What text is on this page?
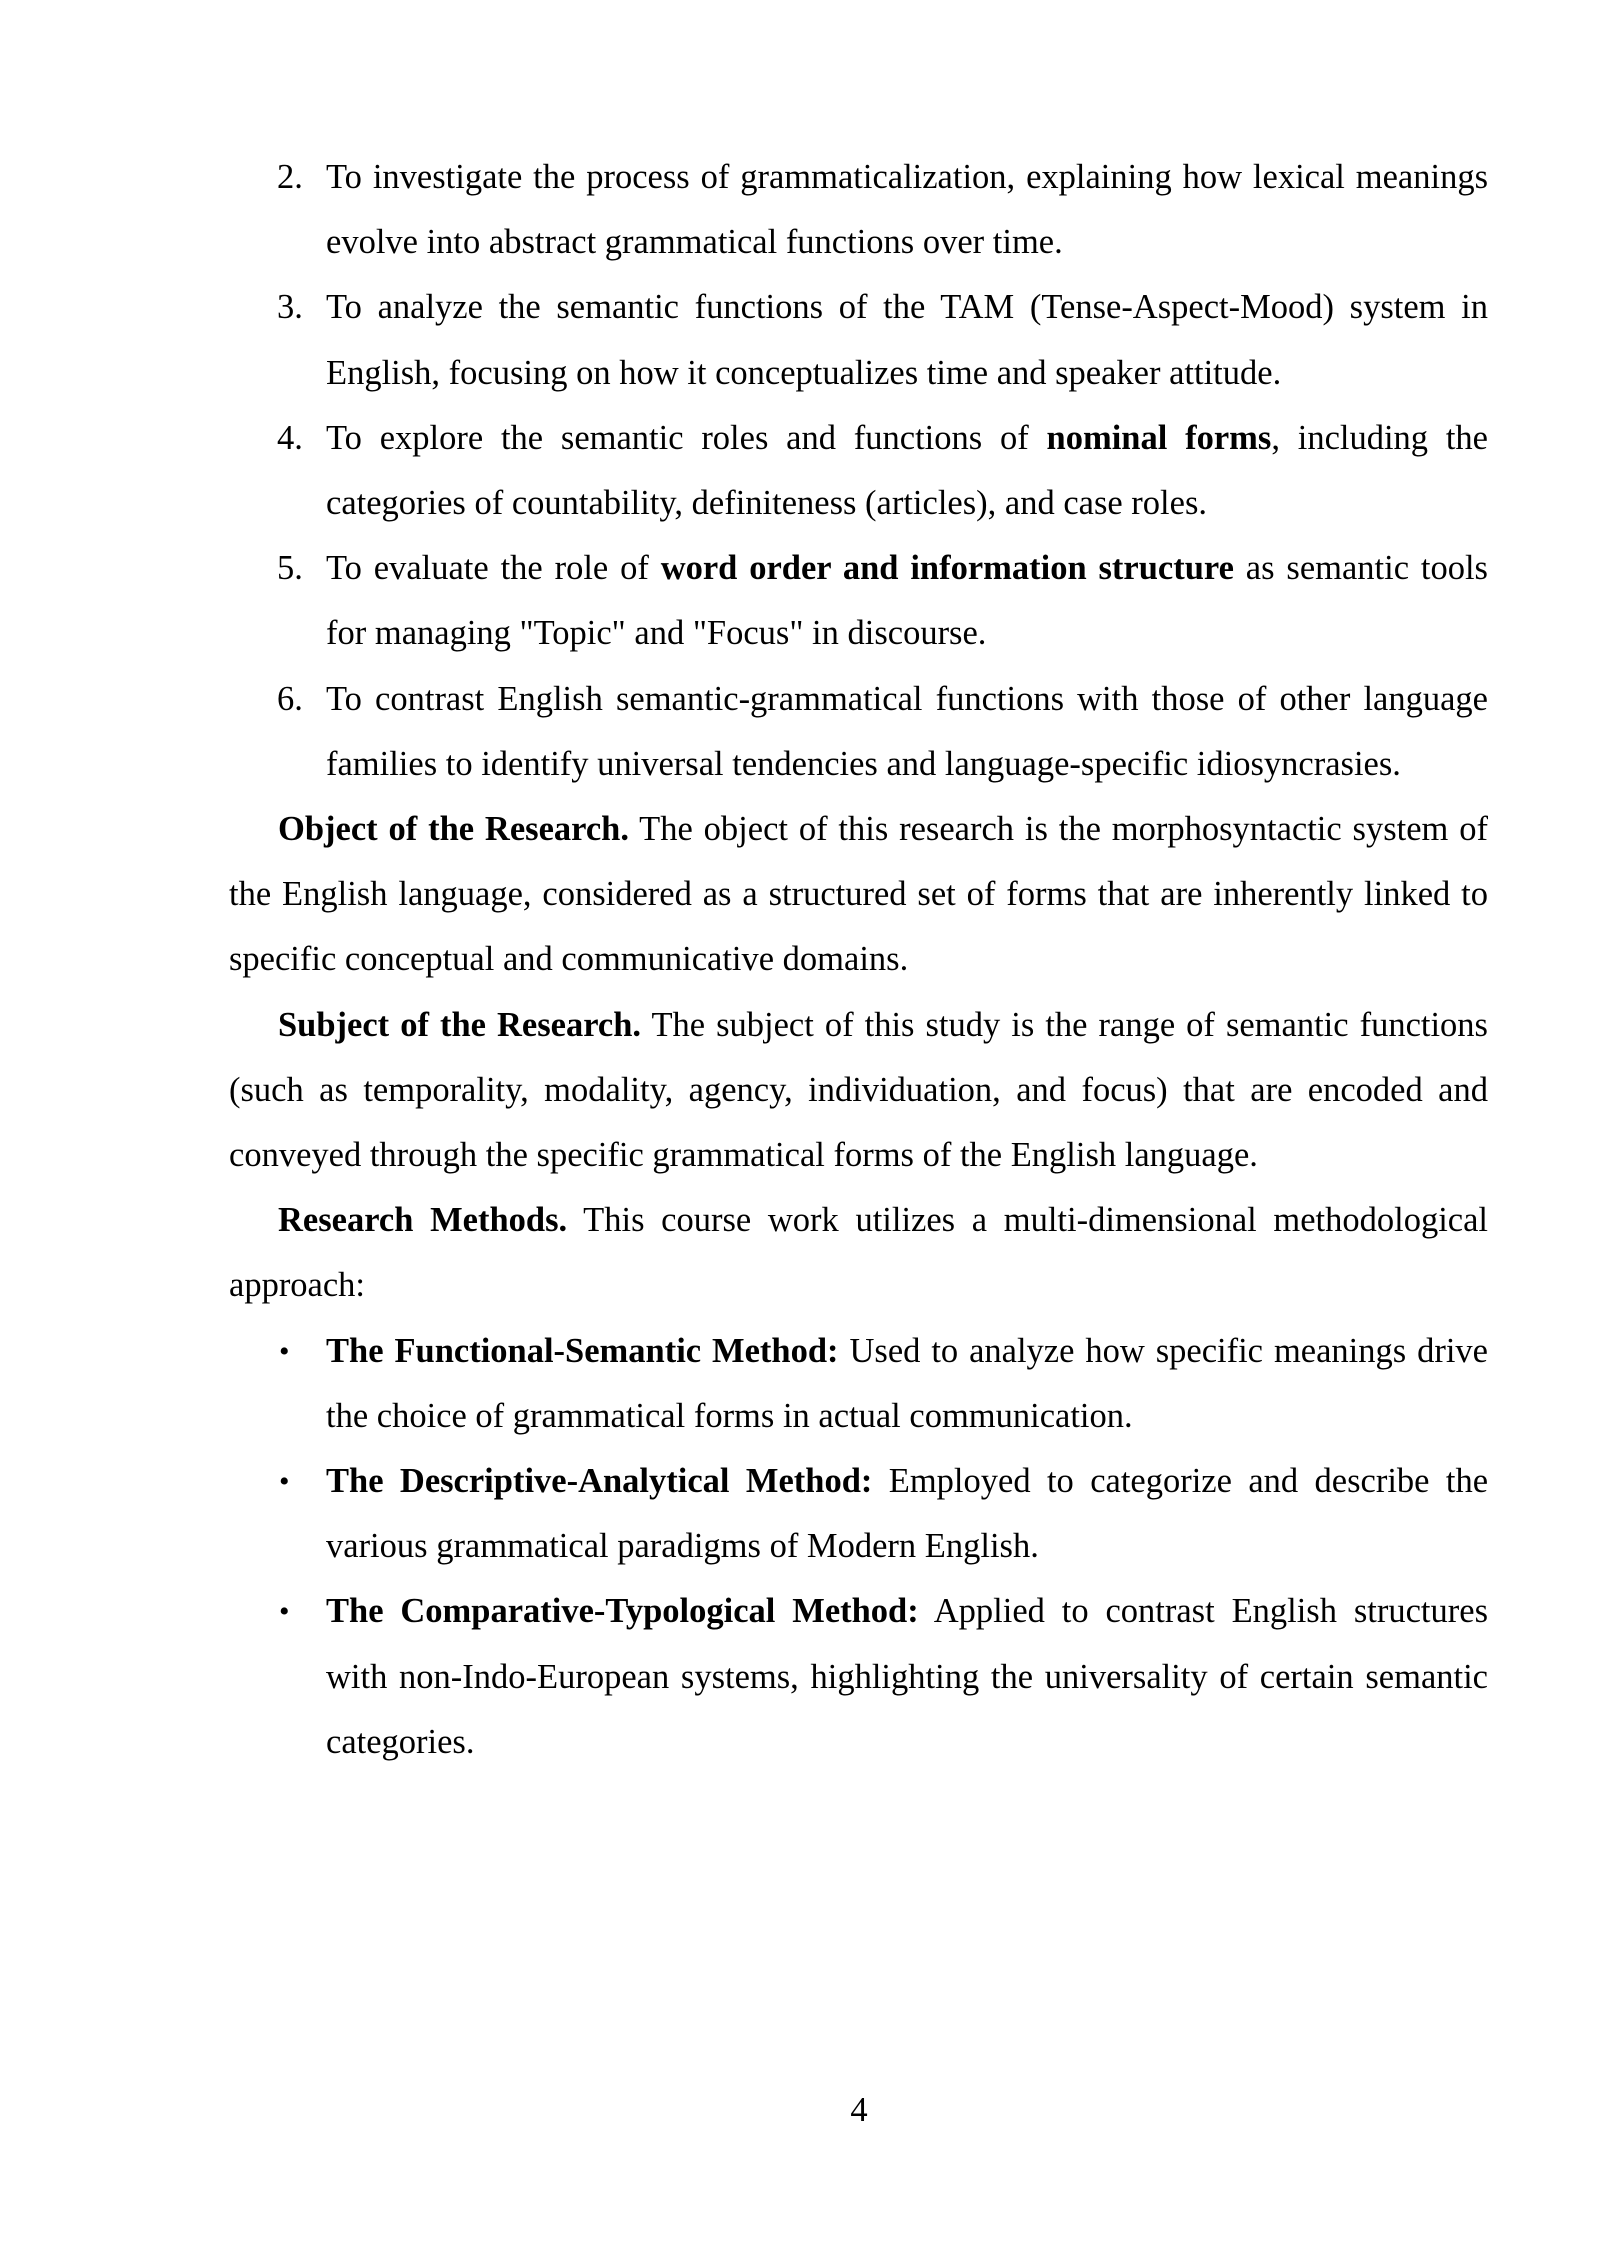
2. To investigate the process of grammaticalization, explaining how lexical meanings evolve into abstract grammatical functions over time.
3. To analyze the semantic functions of the TAM (Tense-Aspect-Mood) system in English, focusing on how it conceptualizes time and speaker attitude.
4. To explore the semantic roles and functions of nominal forms, including the categories of countability, definiteness (articles), and case roles.
5. To evaluate the role of word order and information structure as semantic tools for managing "Topic" and "Focus" in discourse.
6. To contrast English semantic-grammatical functions with those of other language families to identify universal tendencies and language-specific idiosyncrasies.

Object of the Research. The object of this research is the morphosyntactic system of the English language, considered as a structured set of forms that are inherently linked to specific conceptual and communicative domains.

Subject of the Research. The subject of this study is the range of semantic functions (such as temporality, modality, agency, individuation, and focus) that are encoded and conveyed through the specific grammatical forms of the English language.

Research Methods. This course work utilizes a multi-dimensional methodological approach:

• The Functional-Semantic Method: Used to analyze how specific meanings drive the choice of grammatical forms in actual communication.
• The Descriptive-Analytical Method: Employed to categorize and describe the various grammatical paradigms of Modern English.
• The Comparative-Typological Method: Applied to contrast English structures with non-Indo-European systems, highlighting the universality of certain semantic categories.
4
